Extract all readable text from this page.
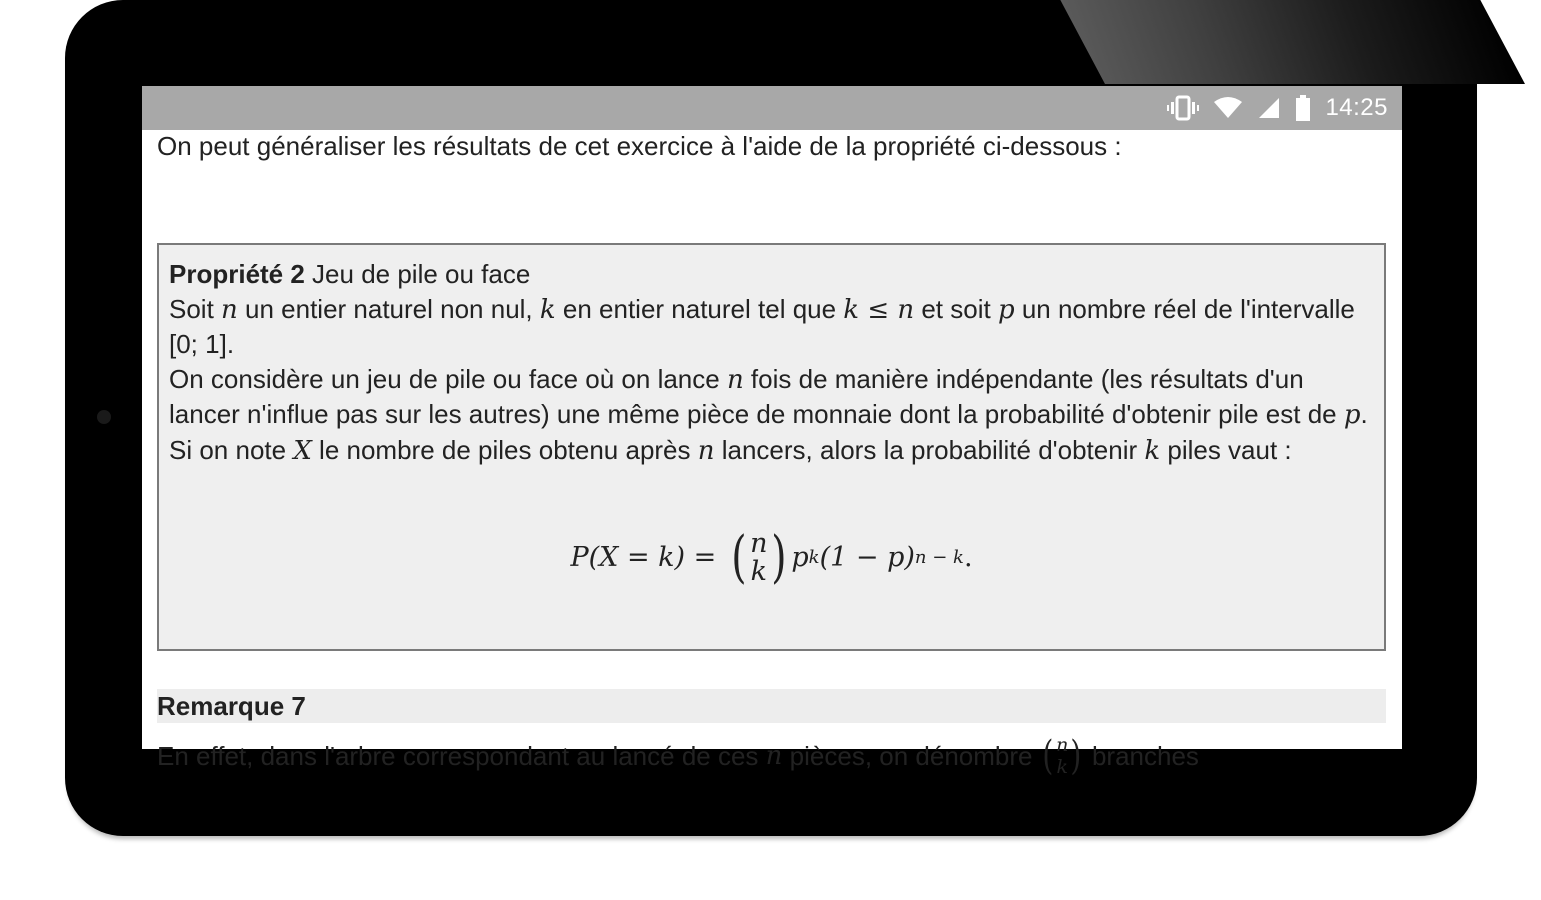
14:25

On peut généraliser les résultats de cet exercice à l'aide de la propriété ci-dessous :

Propriété 2 Jeu de pile ou face

Soit n un entier naturel non nul, k en entier naturel tel que k ≤ n et soit p un nombre réel de l'intervalle [0; 1].

On considère un jeu de pile ou face où on lance n fois de manière indépendante (les résultats d'un lancer n'influe pas sur les autres) une même pièce de monnaie dont la probabilité d'obtenir pile est de p. Si on note X le nombre de piles obtenu après n lancers, alors la probabilité d'obtenir k piles vaut :

P(X = k) = ( n
k ) p k (1 − p) n − k .
Remarque 7
En effet, dans l'arbre correspondant au lancé de ces
n
pièces, on dénombre ( n
k ) branches
